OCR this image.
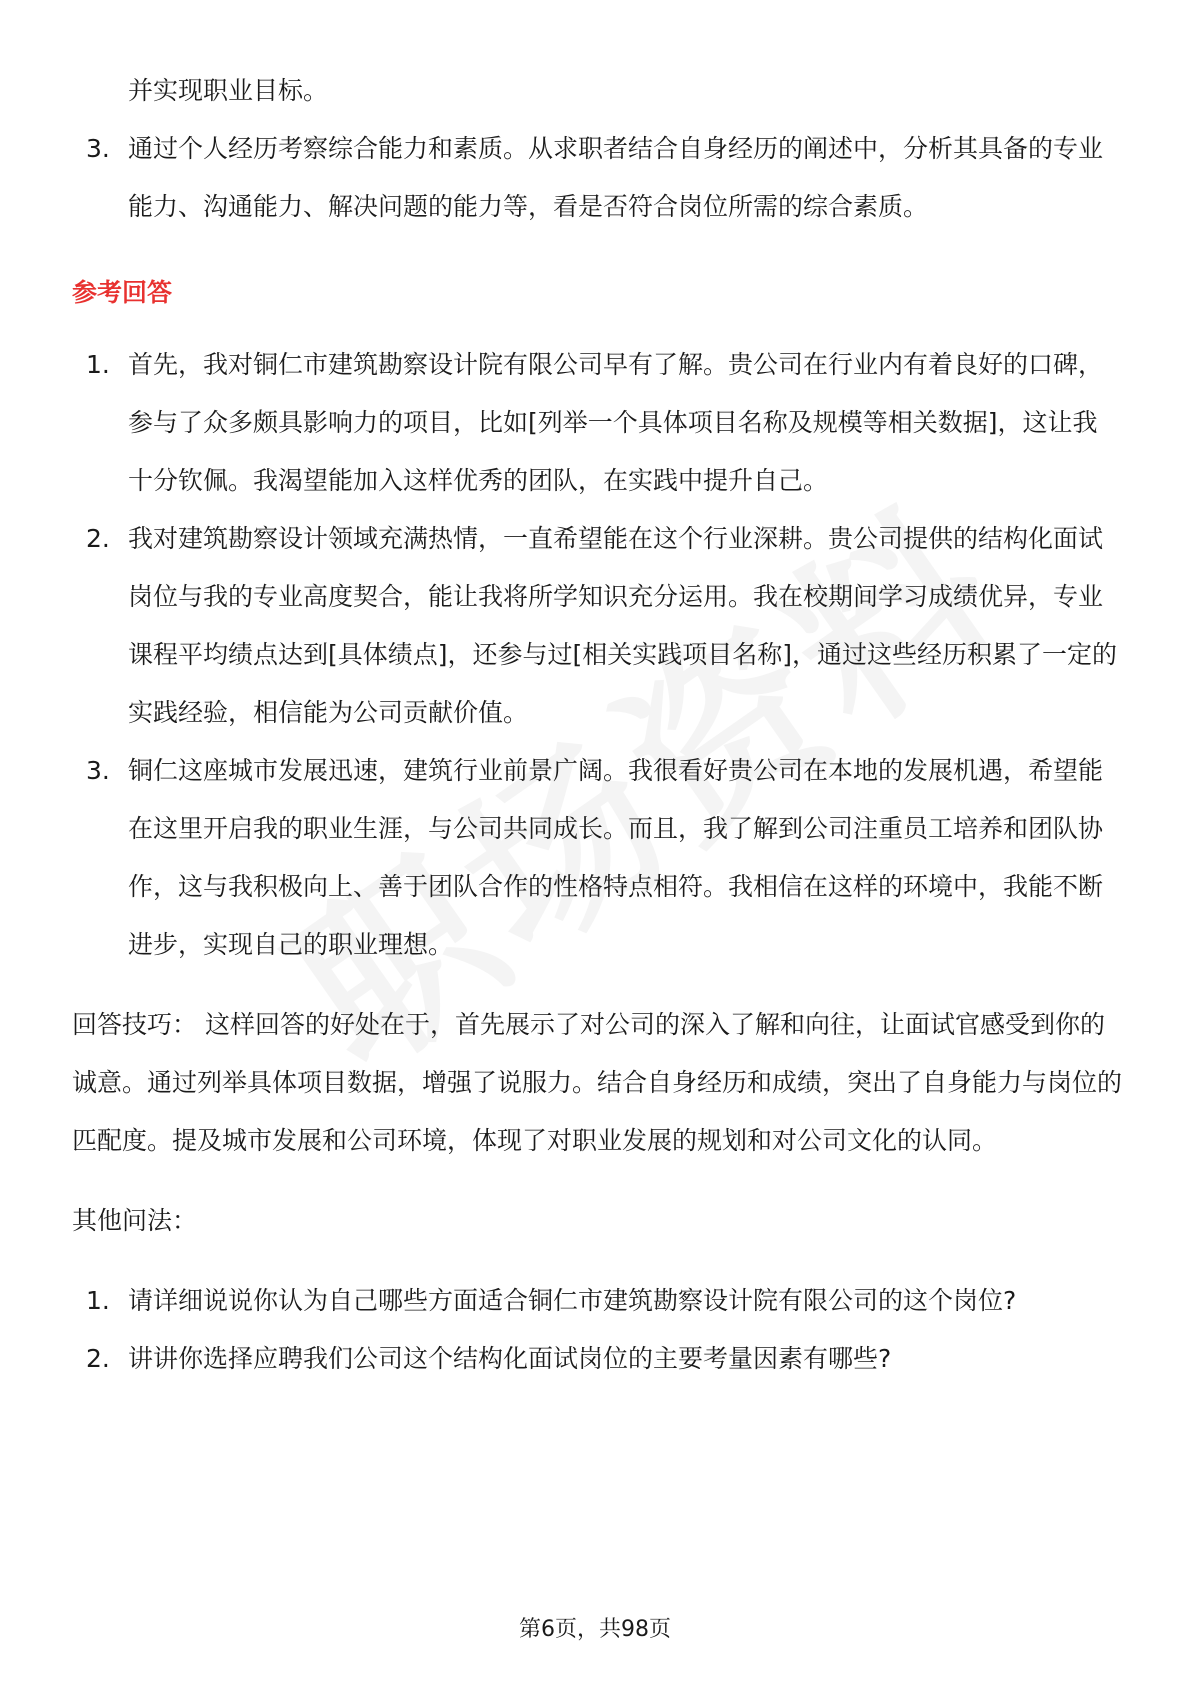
并实现职业目标。
3. 通过个人经历考察综合能力和素质。从求职者结合自身经历的阐述中，分析其具备的专业能力、沟通能力、解决问题的能力等，看是否符合岗位所需的综合素质。
参考回答
1. 首先，我对铜仁市建筑勘察设计院有限公司早有了解。贵公司在行业内有着良好的口碑，参与了众多颇具影响力的项目，比如[列举一个具体项目名称及规模等相关数据]，这让我十分钦佩。我渴望能加入这样优秀的团队，在实践中提升自己。
2. 我对建筑勘察设计领域充满热情，一直希望能在这个行业深耕。贵公司提供的结构化面试岗位与我的专业高度契合，能让我将所学知识充分运用。我在校期间学习成绩优异，专业课程平均绩点达到[具体绩点]，还参与过[相关实践项目名称]，通过这些经历积累了一定的实践经验，相信能为公司贡献价值。
3. 铜仁这座城市发展迅速，建筑行业前景广阔。我很看好贵公司在本地的发展机遇，希望能在这里开启我的职业生涯，与公司共同成长。而且，我了解到公司注重员工培养和团队协作，这与我积极向上、善于团队合作的性格特点相符。我相信在这样的环境中，我能不断进步，实现自己的职业理想。

回答技巧： 这样回答的好处在于，首先展示了对公司的深入了解和向往，让面试官感受到你的诚意。通过列举具体项目数据，增强了说服力。结合自身经历和成绩，突出了自身能力与岗位的匹配度。提及城市发展和公司环境，体现了对职业发展的规划和对公司文化的认同。

其他问法：

1. 请详细说说你认为自己哪些方面适合铜仁市建筑勘察设计院有限公司的这个岗位?
2. 讲讲你选择应聘我们公司这个结构化面试岗位的主要考量因素有哪些?
第6页，共98页
